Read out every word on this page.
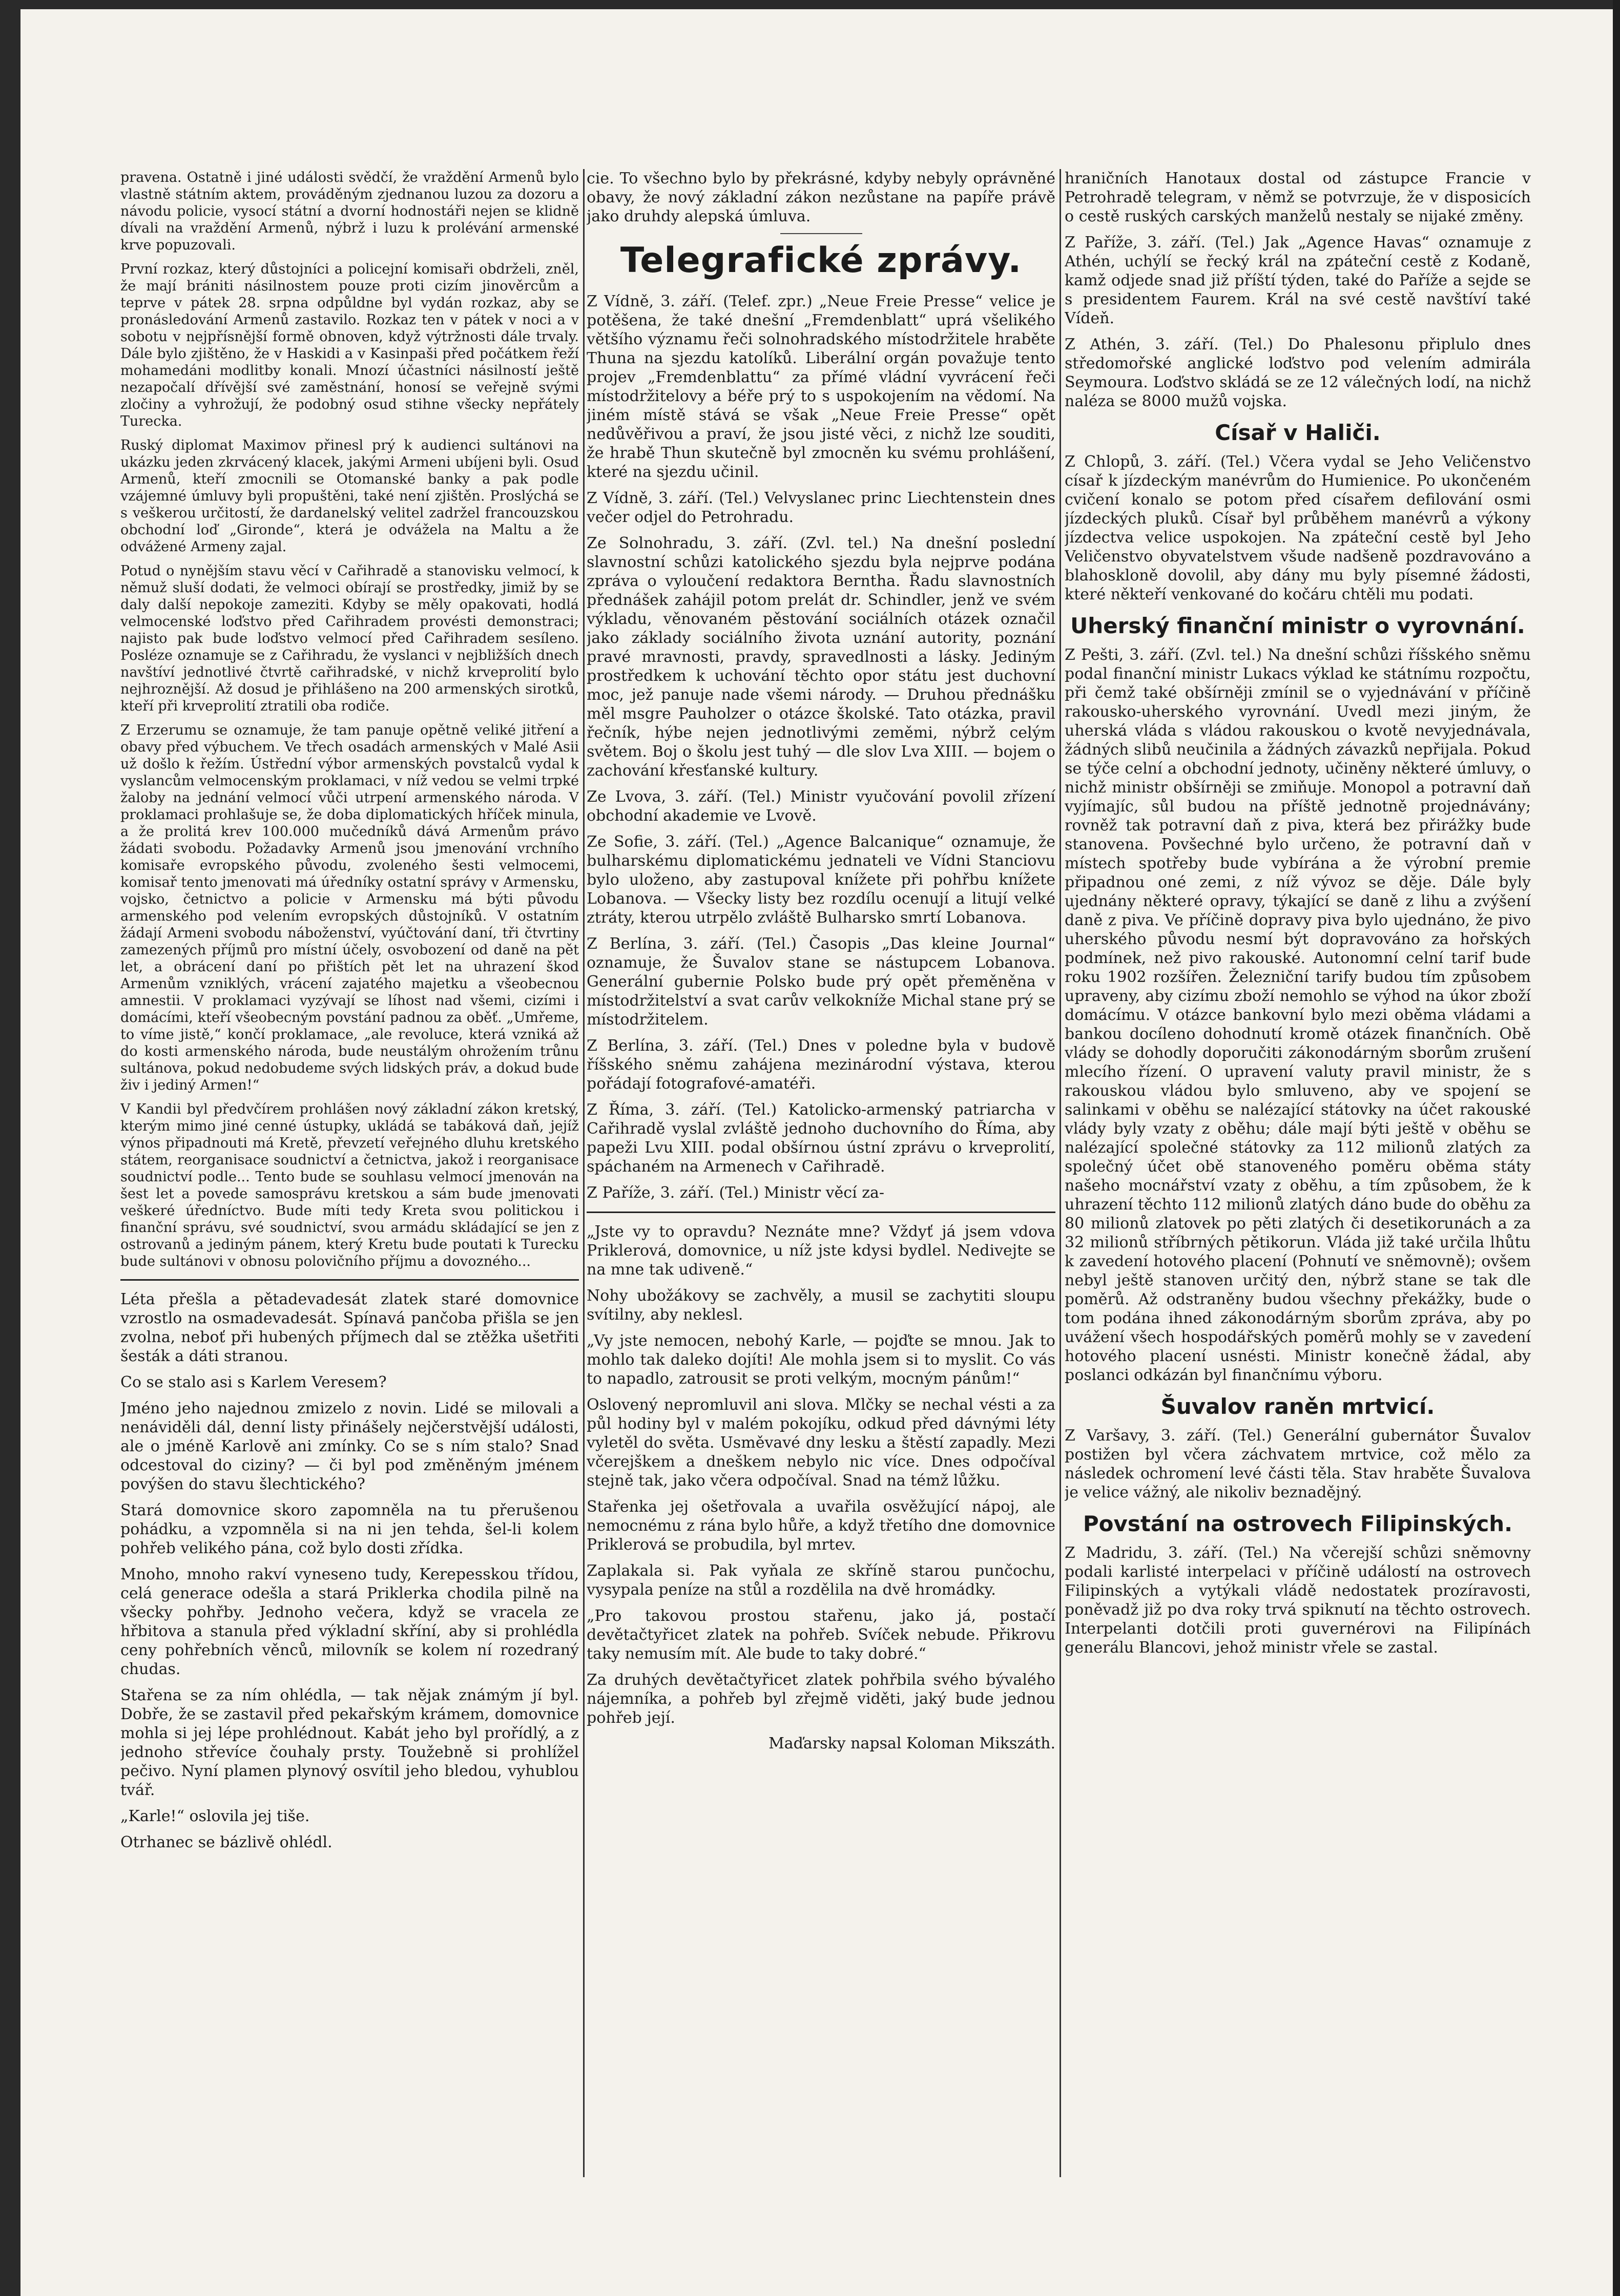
pravena. Ostatně i jiné události svědčí, že vraždění Armenů bylo vlastně státním aktem, prováděným zjednanou luzou za dozoru a návodu policie, vysocí státní a dvorní hodnostáři nejen se klidně dívali na vraždění Armenů, nýbrž i luzu k prolévání armenské krve popuzovali.

První rozkaz, který důstojníci a policejní komisaři obdrželi, zněl, že mají brániti násilnostem pouze proti cizím jinověrcům a teprve v pátek 28. srpna odpůldne byl vydán rozkaz, aby se pronásledování Armenů zastavilo. Rozkaz ten v pátek v noci a v sobotu v nejpřísnější formě obnoven, když výtržnosti dále trvaly. Dále bylo zjištěno, že v Haskidi a v Kasinpaši před počátkem řeží mohamedáni modlitby konali. Mnozí účastníci násilností ještě nezapočalí dřívější své zaměstnání, honosí se veřejně svými zločiny a vyhrožují, že podobný osud stihne všecky nepřátely Turecka.

Ruský diplomat Maximov přinesl prý k audienci sultánovi na ukázku jeden zkrvácený klacek, jakými Armeni ubíjeni byli. Osud Armenů, kteří zmocnili se Otomanské banky a pak podle vzájemné úmluvy byli propuštěni, také není zjištěn. Proslýchá se s veškerou určitostí, že dardanelský velitel zadržel francouzskou obchodní loď „Gironde“, která je odvážela na Maltu a že odvážené Armeny zajal.

Potud o nynějším stavu věcí v Cařihradě a stanovisku velmocí, k němuž sluší dodati, že velmoci obírají se prostředky, jimiž by se daly další nepokoje zameziti. Kdyby se měly opakovati, hodlá velmocenské loďstvo před Cařihradem provésti demonstraci; najisto pak bude loďstvo velmocí před Cařihradem sesíleno. Posléze oznamuje se z Cařihradu, že vyslanci v nejbližších dnech navštíví jednotlivé čtvrtě cařihradské, v nichž krveprolití bylo nejhroznější. Až dosud je přihlášeno na 200 armenských sirotků, kteří při krveprolití ztratili oba rodiče.

Z Erzerumu se oznamuje, že tam panuje opětně veliké jitření a obavy před výbuchem. Ve třech osadách armenských v Malé Asii už došlo k řežím. Ústřední výbor armenských povstalců vydal k vyslancům velmocenským proklamaci, v níž vedou se velmi trpké žaloby na jednání velmocí vůči utrpení armenského národa. V proklamaci prohlašuje se, že doba diplomatických hříček minula, a že prolitá krev 100.000 mučedníků dává Armenům právo žádati svobodu. Požadavky Armenů jsou jmenování vrchního komisaře evropského původu, zvoleného šesti velmocemi, komisař tento jmenovati má úředníky ostatní správy v Armensku, vojsko, četnictvo a policie v Armensku má býti původu armenského pod velením evropských důstojníků. V ostatním žádají Armeni svobodu náboženství, vyúčtování daní, tři čtvrtiny zamezených příjmů pro místní účely, osvobození od daně na pět let, a obrácení daní po přištích pět let na uhrazení škod Armenům vzniklých, vrácení zajatého majetku a všeobecnou amnestii. V proklamaci vyzývají se líhost nad všemi, cizími i domácími, kteří všeobecným povstání padnou za oběť. „Umřeme, to víme jistě,“ končí proklamace, „ale revoluce, která vzniká až do kosti armenského národa, bude neustálým ohrožením trůnu sultánova, pokud nedobudeme svých lidských práv, a dokud bude živ i jediný Armen!“

V Kandii byl předvčírem prohlášen nový základní zákon kretský, kterým mimo jiné cenné ústupky, ukládá se tabáková daň, jejíž výnos připadnouti má Kretě, převzetí veřejného dluhu kretského státem, reorganisace soudnictví a četnictva, jakož i reorganisace soudnictví podle... Tento bude se souhlasu velmocí jmenován na šest let a povede samosprávu kretskou a sám bude jmenovati veškeré úředníctvo. Bude míti tedy Kreta svou politickou i finanční správu, své soudnictví, svou armádu skládající se jen z ostrovanů a jediným pánem, který Kretu bude poutati k Turecku bude sultánovi v obnosu polovičního příjmu a dovozného...

Léta přešla a pětadevadesát zlatek staré domovnice vzrostlo na osmadevadesát. Spínavá pančoba přišla se jen zvolna, neboť při hubených příjmech dal se ztěžka ušetřiti šesták a dáti stranou.

Co se stalo asi s Karlem Veresem?

Jméno jeho najednou zmizelo z novin. Lidé se milovali a nenáviděli dál, denní listy přinášely nejčerstvější události, ale o jméně Karlově ani zmínky. Co se s ním stalo? Snad odcestoval do ciziny? — či byl pod změněným jménem povýšen do stavu šlechtického?

Stará domovnice skoro zapomněla na tu přerušenou pohádku, a vzpomněla si na ni jen tehda, šel-li kolem pohřeb velikého pána, což bylo dosti zřídka.

Mnoho, mnoho rakví vyneseno tudy, Kerepesskou třídou, celá generace odešla a stará Priklerka chodila pilně na všecky pohřby. Jednoho večera, když se vracela ze hřbitova a stanula před výkladní skříní, aby si prohlédla ceny pohřebních věnců, milovník se kolem ní rozedraný chudas.

Stařena se za ním ohlédla, — tak nějak známým jí byl. Dobře, že se zastavil před pekařským krámem, domovnice mohla si jej lépe prohlédnout. Kabát jeho byl prořídlý, a z jednoho střevíce čouhaly prsty. Toužebně si prohlížel pečivo. Nyní plamen plynový osvítil jeho bledou, vyhublou tvář.

„Karle!“ oslovila jej tiše.

Otrhanec se bázlivě ohlédl.

cie. To všechno bylo by překrásné, kdyby nebyly oprávněné obavy, že nový základní zákon nezůstane na papíře právě jako druhdy alepská úmluva.

Telegrafické zprávy.

Z Vídně, 3. září. (Telef. zpr.) „Neue Freie Presse“ velice je potěšena, že také dnešní „Fremdenblatt“ uprá všelikého většího významu řeči solnohradského místodržitele hraběte Thuna na sjezdu katolíků. Liberální orgán považuje tento projev „Fremdenblattu“ za přímé vládní vyvrácení řeči místodržitelovy a béře prý to s uspokojením na vědomí. Na jiném místě stává se však „Neue Freie Presse“ opět nedůvěřivou a praví, že jsou jisté věci, z nichž lze souditi, že hrabě Thun skutečně byl zmocněn ku svému prohlášení, které na sjezdu učinil.

Z Vídně, 3. září. (Tel.) Velvyslanec princ Liechtenstein dnes večer odjel do Petrohradu.

Ze Solnohradu, 3. září. (Zvl. tel.) Na dnešní poslední slavnostní schůzi katolického sjezdu byla nejprve podána zpráva o vyloučení redaktora Berntha. Řadu slavnostních přednášek zahájil potom prelát dr. Schindler, jenž ve svém výkladu, věnovaném pěstování sociálních otázek označil jako základy sociálního života uznání autority, poznání pravé mravnosti, pravdy, spravedlnosti a lásky. Jediným prostředkem k uchování těchto opor státu jest duchovní moc, jež panuje nade všemi národy. — Druhou přednášku měl msgre Pauholzer o otázce školské. Tato otázka, pravil řečník, hýbe nejen jednotlivými zeměmi, nýbrž celým světem. Boj o školu jest tuhý — dle slov Lva XIII. — bojem o zachování křesťanské kultury.

Ze Lvova, 3. září. (Tel.) Ministr vyučování povolil zřízení obchodní akademie ve Lvově.

Ze Sofie, 3. září. (Tel.) „Agence Balcanique“ oznamuje, že bulharskému diplomatickému jednateli ve Vídni Stanciovu bylo uloženo, aby zastupoval knížete při pohřbu knížete Lobanova. — Všecky listy bez rozdílu ocenují a litují velké ztráty, kterou utrpělo zvláště Bulharsko smrtí Lobanova.

Z Berlína, 3. září. (Tel.) Časopis „Das kleine Journal“ oznamuje, že Šuvalov stane se nástupcem Lobanova. Generální gubernie Polsko bude prý opět přeměněna v místodržitelství a svat carův velkokníže Michal stane prý se místodržitelem.

Z Berlína, 3. září. (Tel.) Dnes v poledne byla v budově říšského sněmu zahájena mezinárodní výstava, kterou pořádají fotografové-amatéři.

Z Říma, 3. září. (Tel.) Katolicko-armenský patriarcha v Cařihradě vyslal zvláště jednoho duchovního do Říma, aby papeži Lvu XIII. podal obšírnou ústní zprávu o krveprolití, spáchaném na Armenech v Cařihradě.

Z Paříže, 3. září. (Tel.) Ministr věcí za-

„Jste vy to opravdu? Neznáte mne? Vždyť já jsem vdova Priklerová, domovnice, u níž jste kdysi bydlel. Nedivejte se na mne tak udiveně.“

Nohy ubožákovy se zachvěly, a musil se zachytiti sloupu svítilny, aby neklesl.

„Vy jste nemocen, nebohý Karle, — pojďte se mnou. Jak to mohlo tak daleko dojíti! Ale mohla jsem si to myslit. Co vás to napadlo, zatrousit se proti velkým, mocným pánům!“

Oslovený nepromluvil ani slova. Mlčky se nechal vésti a za půl hodiny byl v malém pokojíku, odkud před dávnými léty vyletěl do světa. Usměvavé dny lesku a štěstí zapadly. Mezi včerejškem a dneškem nebylo nic více. Dnes odpočíval stejně tak, jako včera odpočíval. Snad na témž lůžku.

Stařenka jej ošetřovala a uvařila osvěžující nápoj, ale nemocnému z rána bylo hůře, a když třetího dne domovnice Priklerová se probudila, byl mrtev.

Zaplakala si. Pak vyňala ze skříně starou punčochu, vysypala peníze na stůl a rozdělila na dvě hromádky.

„Pro takovou prostou stařenu, jako já, postačí devětačtyřicet zlatek na pohřeb. Svíček nebude. Přikrovu taky nemusím mít. Ale bude to taky dobré.“

Za druhých devětačtyřicet zlatek pohřbila svého bývalého nájemníka, a pohřeb byl zřejmě viděti, jaký bude jednou pohřeb její.

Maďarsky napsal Koloman Mikszáth.

hraničních Hanotaux dostal od zástupce Francie v Petrohradě telegram, v němž se potvrzuje, že v disposicích o cestě ruských carských manželů nestaly se nijaké změny.

Z Paříže, 3. září. (Tel.) Jak „Agence Havas“ oznamuje z Athén, uchýlí se řecký král na zpáteční cestě z Kodaně, kamž odjede snad již příští týden, také do Paříže a sejde se s presidentem Faurem. Král na své cestě navštíví také Vídeň.

Z Athén, 3. září. (Tel.) Do Phalesonu připlulo dnes středomořské anglické loďstvo pod velením admirála Seymoura. Loďstvo skládá se ze 12 válečných lodí, na nichž naléza se 8000 mužů vojska.

Císař v Haliči.

Z Chlopů, 3. září. (Tel.) Včera vydal se Jeho Veličenstvo císař k jízdeckým manévrům do Humienice. Po ukončeném cvičení konalo se potom před císařem defilování osmi jízdeckých pluků. Císař byl průběhem manévrů a výkony jízdectva velice uspokojen. Na zpáteční cestě byl Jeho Veličenstvo obyvatelstvem všude nadšeně pozdravováno a blahoskloně dovolil, aby dány mu byly písemné žádosti, které někteří venkované do kočáru chtěli mu podati.

Uherský finanční ministr o vyrovnání.

Z Pešti, 3. září. (Zvl. tel.) Na dnešní schůzi říšského sněmu podal finanční ministr Lukacs výklad ke státnímu rozpočtu, při čemž také obšírněji zmínil se o vyjednávání v příčině rakousko-uherského vyrovnání. Uvedl mezi jiným, že uherská vláda s vládou rakouskou o kvotě nevyjednávala, žádných slibů neučinila a žádných závazků nepřijala. Pokud se týče celní a obchodní jednoty, učiněny některé úmluvy, o nichž ministr obšírněji se zmiňuje. Monopol a potravní daň vyjímajíc, sůl budou na příště jednotně projednávány; rovněž tak potravní daň z piva, která bez přirážky bude stanovena. Povšechné bylo určeno, že potravní daň v místech spotřeby bude vybírána a že výrobní premie připadnou oné zemi, z níž vývoz se děje. Dále byly ujednány některé opravy, týkající se daně z lihu a zvýšení daně z piva. Ve příčině dopravy piva bylo ujednáno, že pivo uherského původu nesmí být dopravováno za hořských podmínek, než pivo rakouské. Autonomní celní tarif bude roku 1902 rozšířen. Železniční tarify budou tím způsobem upraveny, aby cizímu zboží nemohlo se výhod na úkor zboží domácímu. V otázce bankovní bylo mezi oběma vládami a bankou docíleno dohodnutí kromě otázek finančních. Obě vlády se dohodly doporučiti zákonodárným sborům zrušení mlecího řízení. O upravení valuty pravil ministr, že s rakouskou vládou bylo smluveno, aby ve spojení se salinkami v oběhu se nalézající státovky na účet rakouské vlády byly vzaty z oběhu; dále mají býti ještě v oběhu se nalézající společné státovky za 112 milionů zlatých za společný účet obě stanoveného poměru oběma státy našeho mocnářství vzaty z oběhu, a tím způsobem, že k uhrazení těchto 112 milionů zlatých dáno bude do oběhu za 80 milionů zlatovek po pěti zlatých či desetikorunách a za 32 milionů stříbrných pětikorun. Vláda již také určila lhůtu k zavedení hotového placení (Pohnutí ve sněmovně); ovšem nebyl ještě stanoven určitý den, nýbrž stane se tak dle poměrů. Až odstraněny budou všechny překážky, bude o tom podána ihned zákonodárným sborům zpráva, aby po uvážení všech hospodářských poměrů mohly se v zavedení hotového placení usnésti. Ministr konečně žádal, aby poslanci odkázán byl finančnímu výboru.

Šuvalov raněn mrtvicí.

Z Varšavy, 3. září. (Tel.) Generální gubernátor Šuvalov postižen byl včera záchvatem mrtvice, což mělo za následek ochromení levé části těla. Stav hraběte Šuvalova je velice vážný, ale nikoliv beznadějný.

Povstání na ostrovech Filipinských.

Z Madridu, 3. září. (Tel.) Na včerejší schůzi sněmovny podali karlisté interpelaci v příčině událostí na ostrovech Filipinských a vytýkali vládě nedostatek prozíravosti, poněvadž již po dva roky trvá spiknutí na těchto ostrovech. Interpelanti dotčili proti guvernérovi na Filipínách generálu Blancovi, jehož ministr vřele se zastal.
